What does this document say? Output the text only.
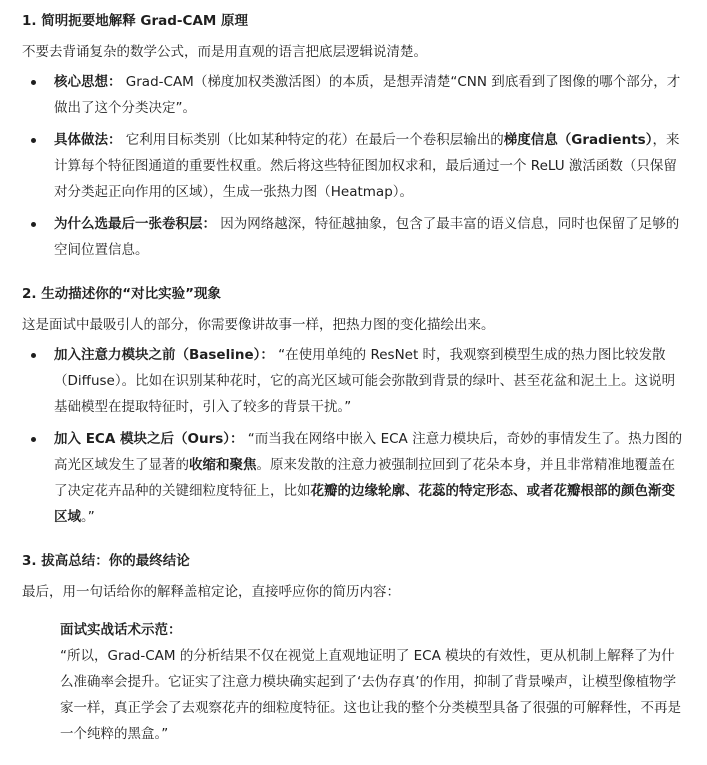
1. 简明扼要地解释 Grad-CAM 原理

不要去背诵复杂的数学公式，而是用直观的语言把底层逻辑说清楚。

核心思想： Grad-CAM（梯度加权类激活图）的本质，是想弄清楚“CNN 到底看到了图像的哪个部分，才做出了这个分类决定”。
具体做法： 它利用目标类别（比如某种特定的花）在最后一个卷积层输出的梯度信息（Gradients），来计算每个特征图通道的重要性权重。然后将这些特征图加权求和，最后通过一个 ReLU 激活函数（只保留对分类起正向作用的区域），生成一张热力图（Heatmap）。
为什么选最后一张卷积层： 因为网络越深，特征越抽象，包含了最丰富的语义信息，同时也保留了足够的空间位置信息。
2. 生动描述你的“对比实验”现象

这是面试中最吸引人的部分，你需要像讲故事一样，把热力图的变化描绘出来。

加入注意力模块之前（Baseline）： “在使用单纯的 ResNet 时，我观察到模型生成的热力图比较发散（Diffuse）。比如在识别某种花时，它的高光区域可能会弥散到背景的绿叶、甚至花盆和泥土上。这说明基础模型在提取特征时，引入了较多的背景干扰。”
加入 ECA 模块之后（Ours）： “而当我在网络中嵌入 ECA 注意力模块后，奇妙的事情发生了。热力图的高光区域发生了显著的收缩和聚焦。原来发散的注意力被强制拉回到了花朵本身，并且非常精准地覆盖在了决定花卉品种的关键细粒度特征上，比如花瓣的边缘轮廓、花蕊的特定形态、或者花瓣根部的颜色渐变区域。”
3. 拔高总结：你的最终结论

最后，用一句话给你的解释盖棺定论，直接呼应你的简历内容：

面试实战话术示范：

“所以，Grad-CAM 的分析结果不仅在视觉上直观地证明了 ECA 模块的有效性，更从机制上解释了为什么准确率会提升。它证实了注意力模块确实起到了‘去伪存真’的作用，抑制了背景噪声，让模型像植物学家一样，真正学会了去观察花卉的细粒度特征。这也让我的整个分类模型具备了很强的可解释性，不再是一个纯粹的黑盒。”
